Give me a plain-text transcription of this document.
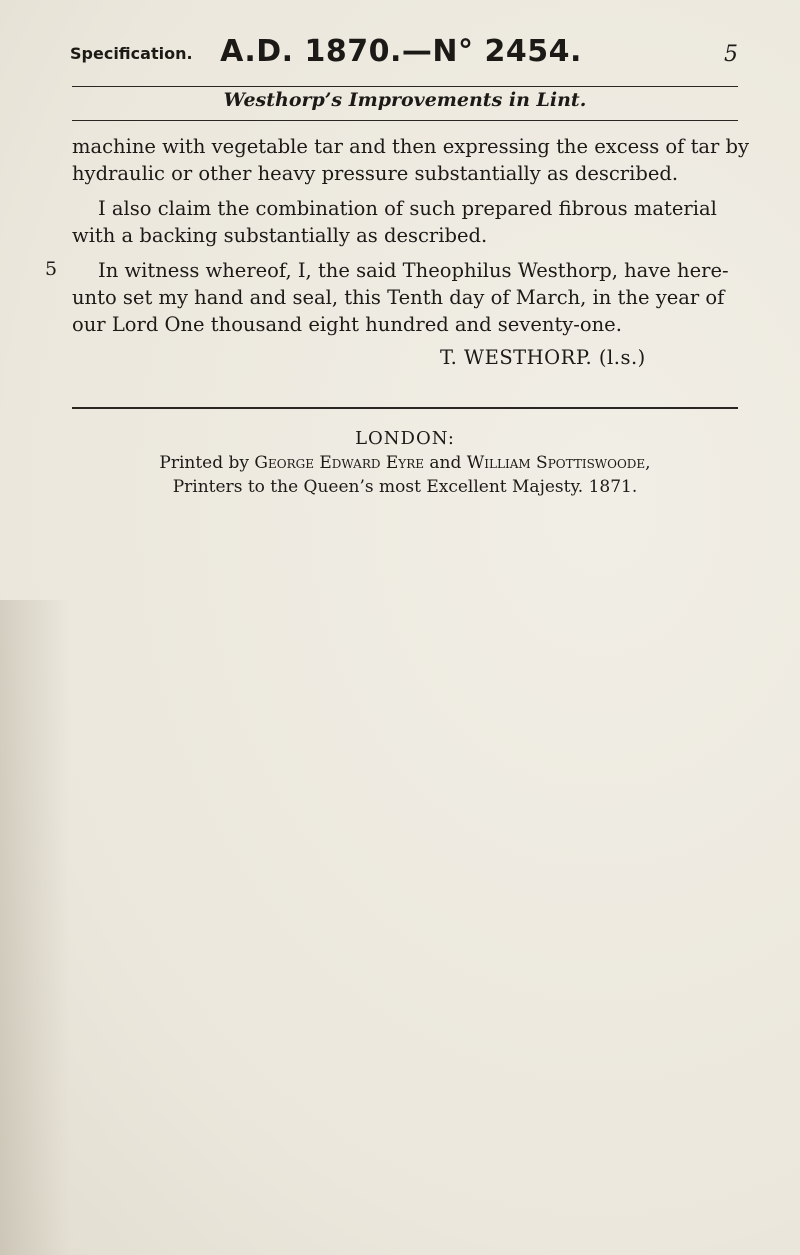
Specification. A.D. 1870.—N° 2454.	5
Westhorp’s Improvements in Lint.
machine with vegetable tar and then expressing the excess of tar by hydraulic or other heavy pressure substantially as described.
I also claim the combination of such prepared fibrous material with a backing substantially as described.
5	In witness whereof, I, the said Theophilus Westhorp, have here-unto set my hand and seal, this Tenth day of March, in the year of our Lord One thousand eight hundred and seventy-one.
T. WESTHORP. (l.s.)
LONDON:
Printed by George Edward Eyre and William Spottiswoode,
Printers to the Queen’s most Excellent Majesty. 1871.
